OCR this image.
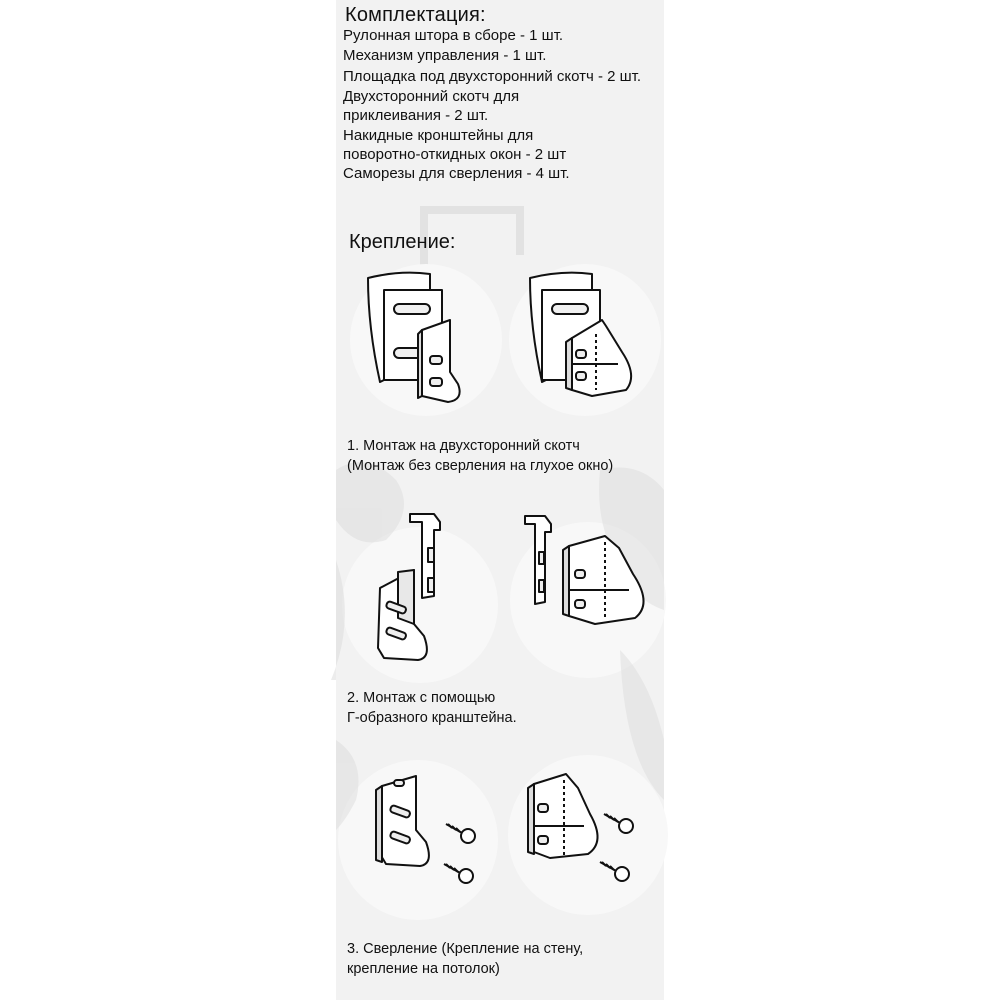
Комплектация:
Рулонная штора в сборе - 1 шт.
Механизм управления - 1 шт.
Площадка под двухсторонний скотч - 2 шт.
Двухсторонний скотч для
приклеивания - 2 шт.
Накидные кронштейны для
поворотно-откидных окон - 2 шт
Саморезы для сверления - 4 шт.
Крепление:
1. Монтаж на двухсторонний скотч
(Монтаж без сверления на глухое окно)
2. Монтаж с помощью
Г-образного кранштейна.
3. Сверление (Крепление на стену,
крепление на потолок)
